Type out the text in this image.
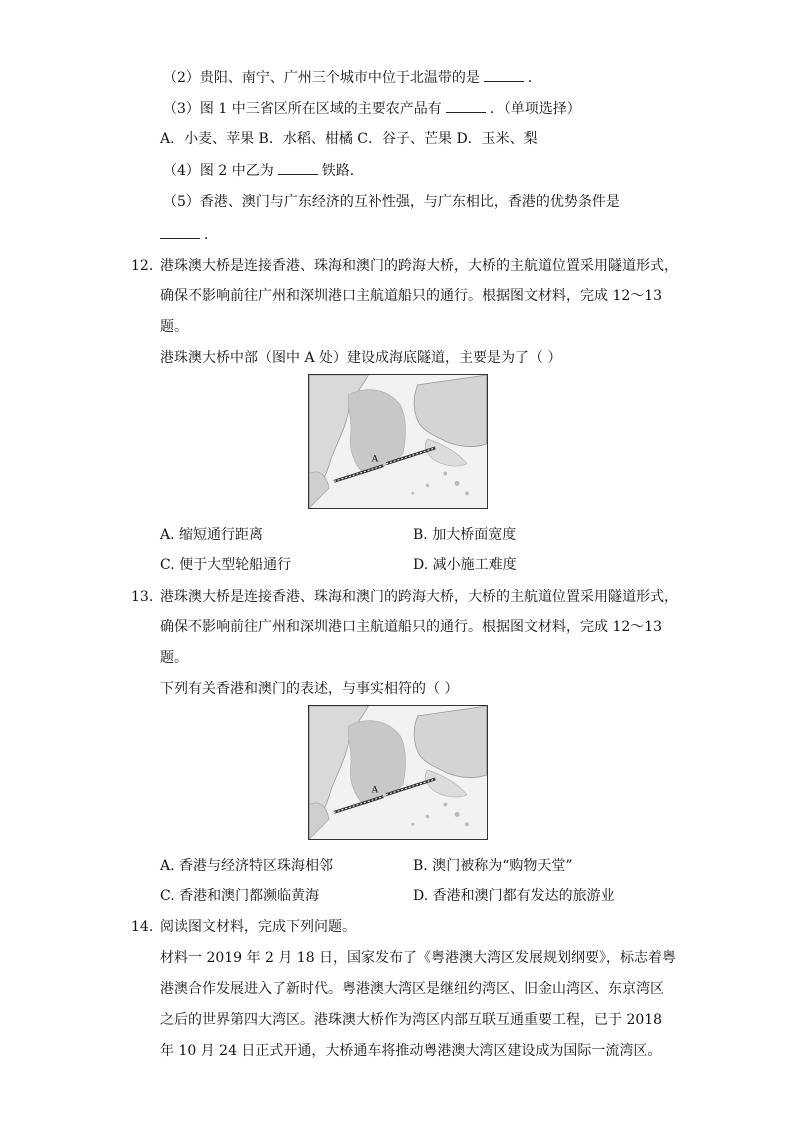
（2）贵阳、南宁、广州三个城市中位于北温带的是	．
（3）图 1 中三省区所在区域的主要农产品有	．（单项选择）
A．小麦、苹果 B．水稻、柑橘 C．谷子、芒果 D．玉米、梨
（4）图 2 中乙为	铁路．
（5）香港、澳门与广东经济的互补性强，与广东相比，香港的优势条件是
．
12. 港珠澳大桥是连接香港、珠海和澳门的跨海大桥，大桥的主航道位置采用隧道形式，
确保不影响前往广州和深圳港口主航道船只的通行。根据图文材料，完成 12～13
题。
港珠澳大桥中部（图中 A 处）建设成海底隧道，主要是为了（ ）
A
A. 缩短通行距离	B. 加大桥面宽度
C. 便于大型轮船通行	D. 减小施工难度
13. 港珠澳大桥是连接香港、珠海和澳门的跨海大桥，大桥的主航道位置采用隧道形式，
确保不影响前往广州和深圳港口主航道船只的通行。根据图文材料，完成 12～13
题。
下列有关香港和澳门的表述，与事实相符的（ ）
A
A. 香港与经济特区珠海相邻	B. 澳门被称为“购物天堂”
C. 香港和澳门都濒临黄海	D. 香港和澳门都有发达的旅游业
14. 阅读图文材料，完成下列问题。
材料一 2019 年 2 月 18 日，国家发布了《粤港澳大湾区发展规划纲要》，标志着粤
港澳合作发展进入了新时代。粤港澳大湾区是继纽约湾区、旧金山湾区、东京湾区
之后的世界第四大湾区。港珠澳大桥作为湾区内部互联互通重要工程，已于 2018
年 10 月 24 日正式开通，大桥通车将推动粤港澳大湾区建设成为国际一流湾区。
